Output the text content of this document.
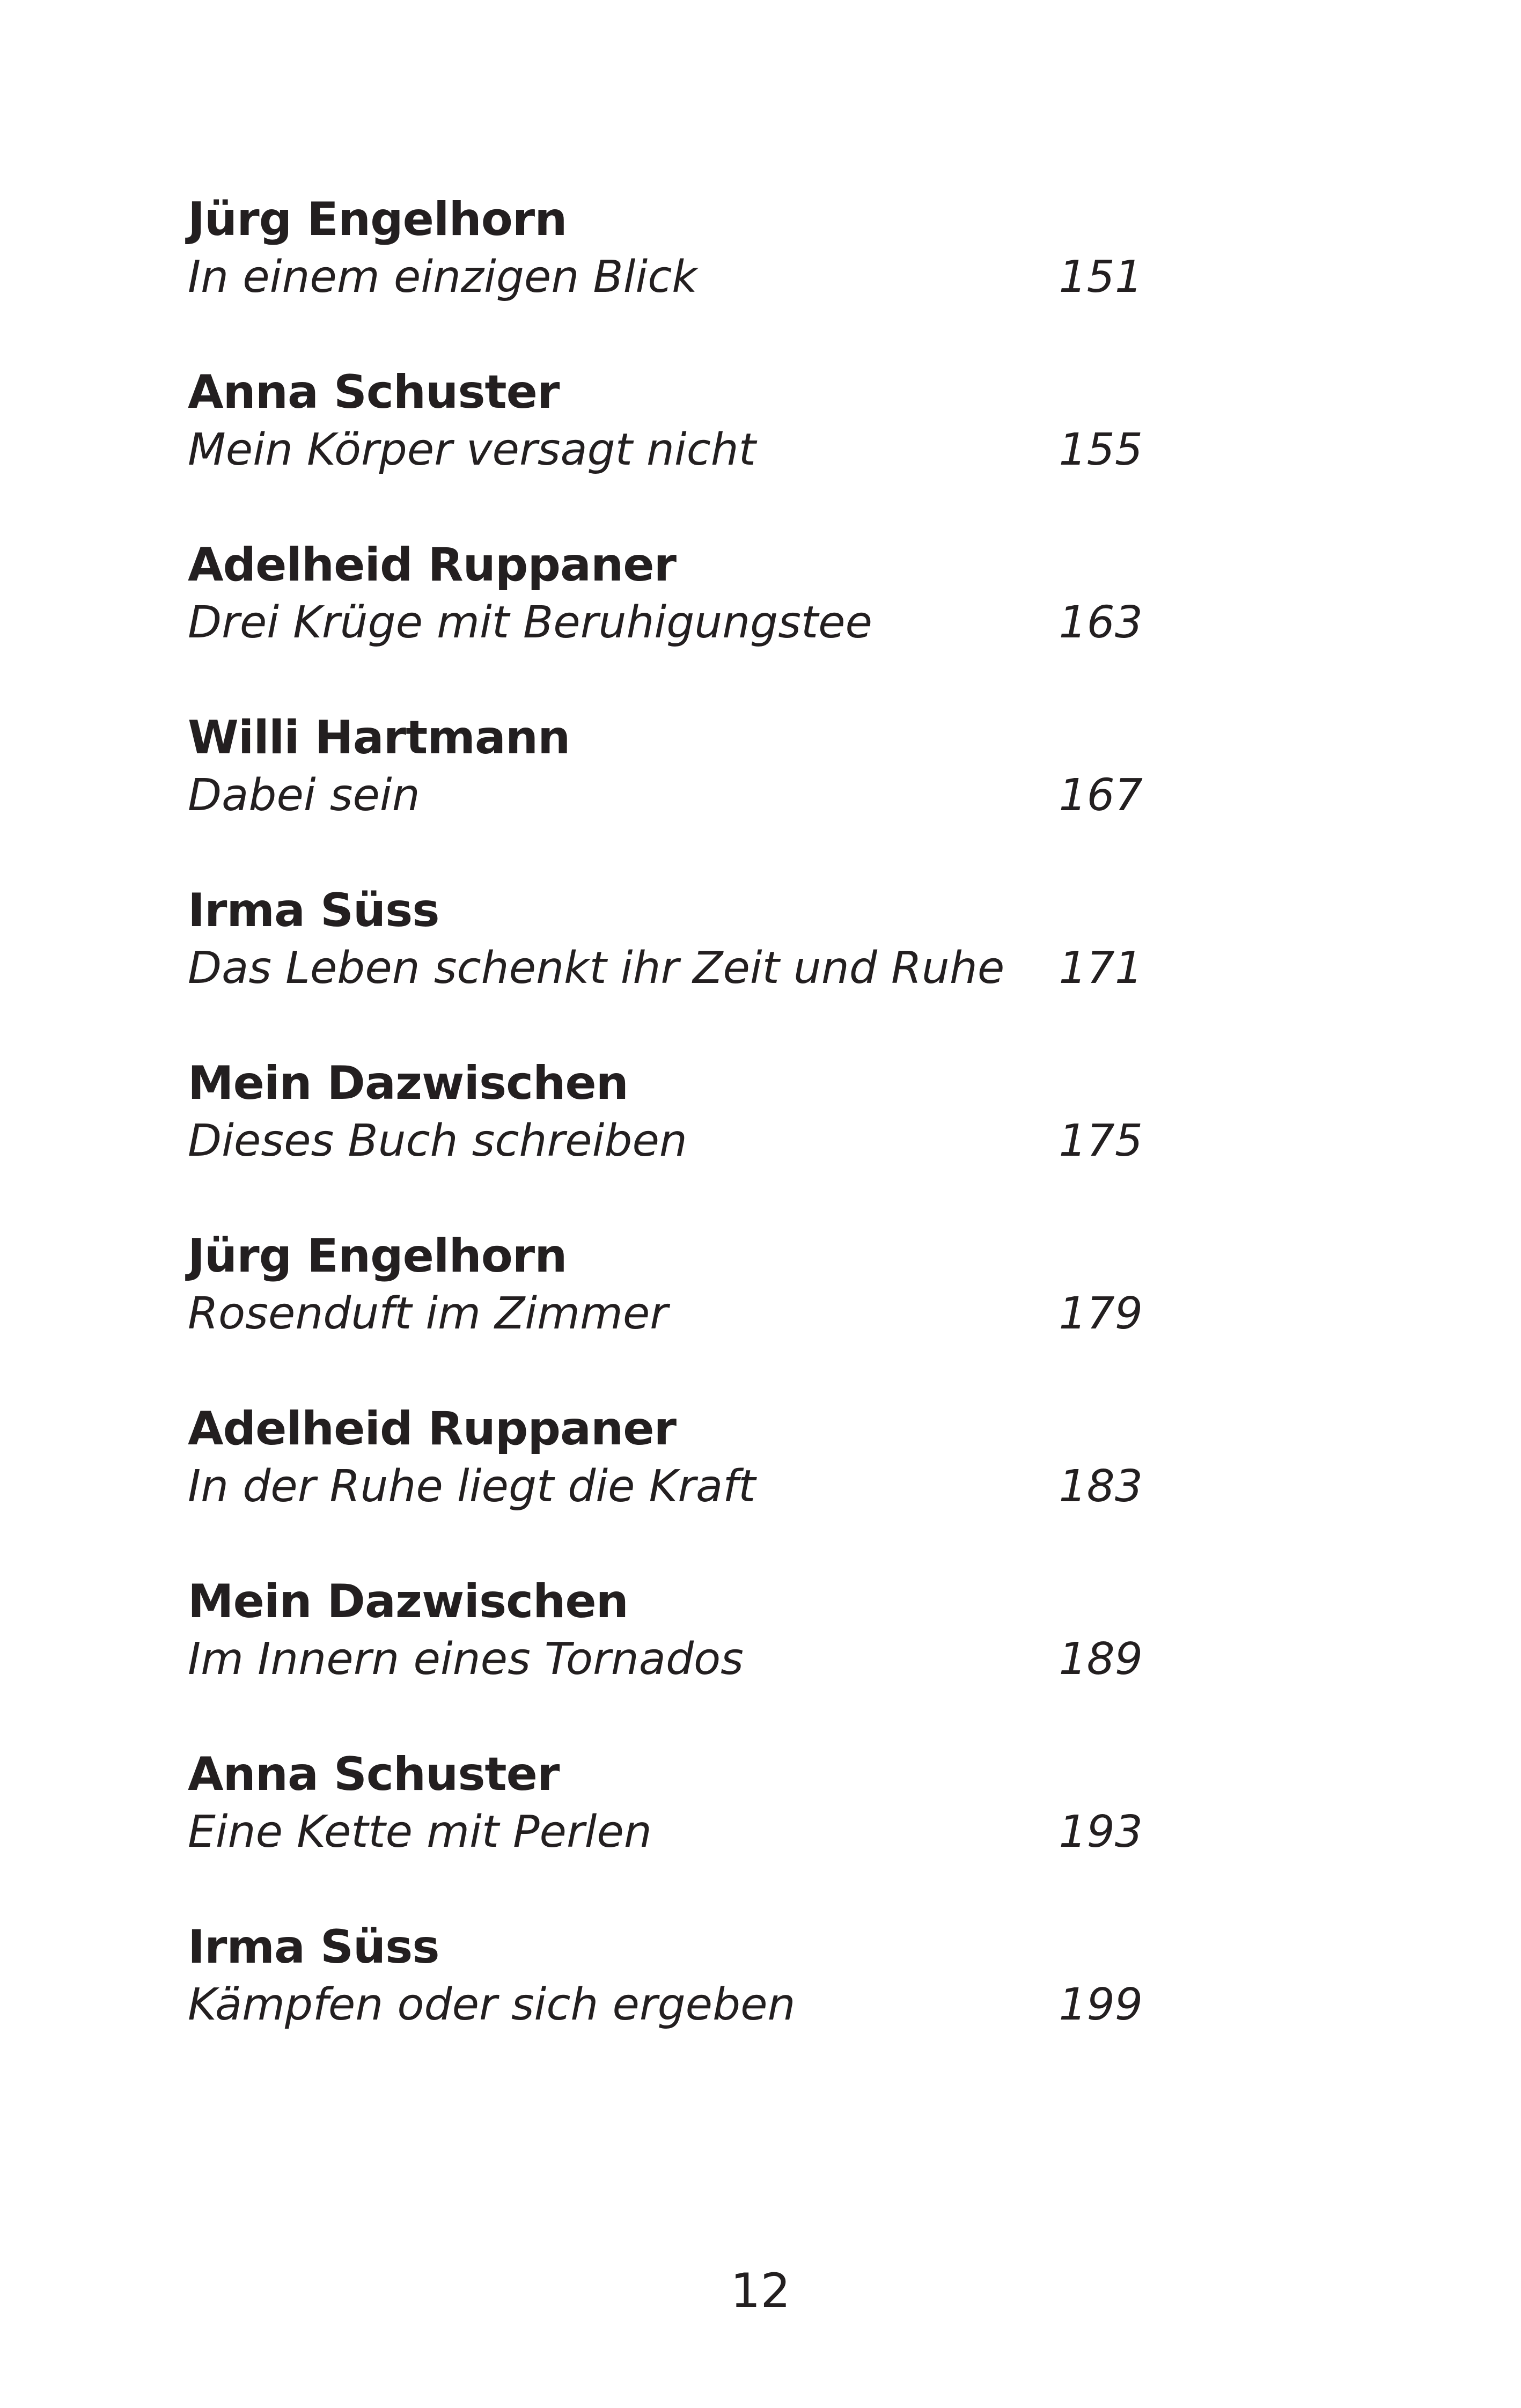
Jürg Engelhorn
In einem einzigen Blick	151
Anna Schuster
Mein Körper versagt nicht	155
Adelheid Ruppaner
Drei Krüge mit Beruhigungstee	163
Willi Hartmann
Dabei sein	167
Irma Süss
Das Leben schenkt ihr Zeit und Ruhe 171
Mein Dazwischen
Dieses Buch schreiben	175
Jürg Engelhorn
Rosenduft im Zimmer	179
Adelheid Ruppaner
In der Ruhe liegt die Kraft	183
Mein Dazwischen
Im Innern eines Tornados	189
Anna Schuster
Eine Kette mit Perlen	193
Irma Süss
Kämpfen oder sich ergeben	199
12
